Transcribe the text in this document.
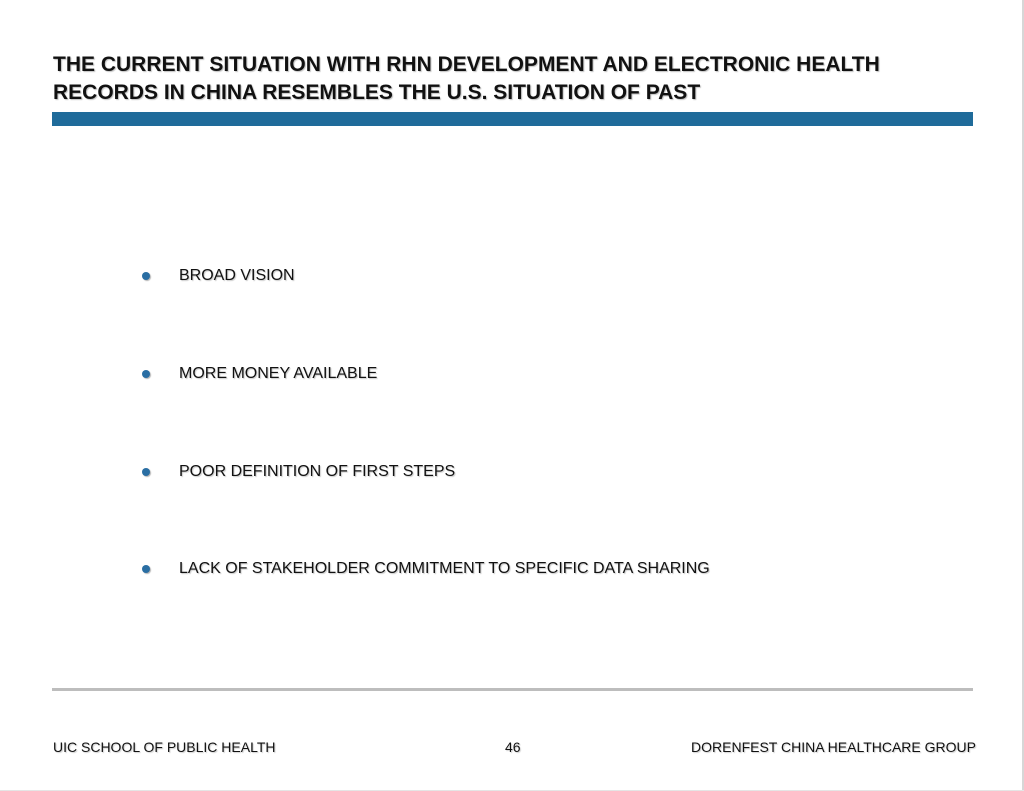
THE CURRENT SITUATION WITH RHN DEVELOPMENT AND ELECTRONIC HEALTH
RECORDS IN CHINA RESEMBLES THE U.S. SITUATION OF PAST
BROAD VISION
MORE MONEY AVAILABLE
POOR DEFINITION OF FIRST STEPS
LACK OF STAKEHOLDER COMMITMENT TO SPECIFIC DATA SHARING
UIC SCHOOL OF PUBLIC HEALTH	46	DORENFEST CHINA HEALTHCARE GROUP
